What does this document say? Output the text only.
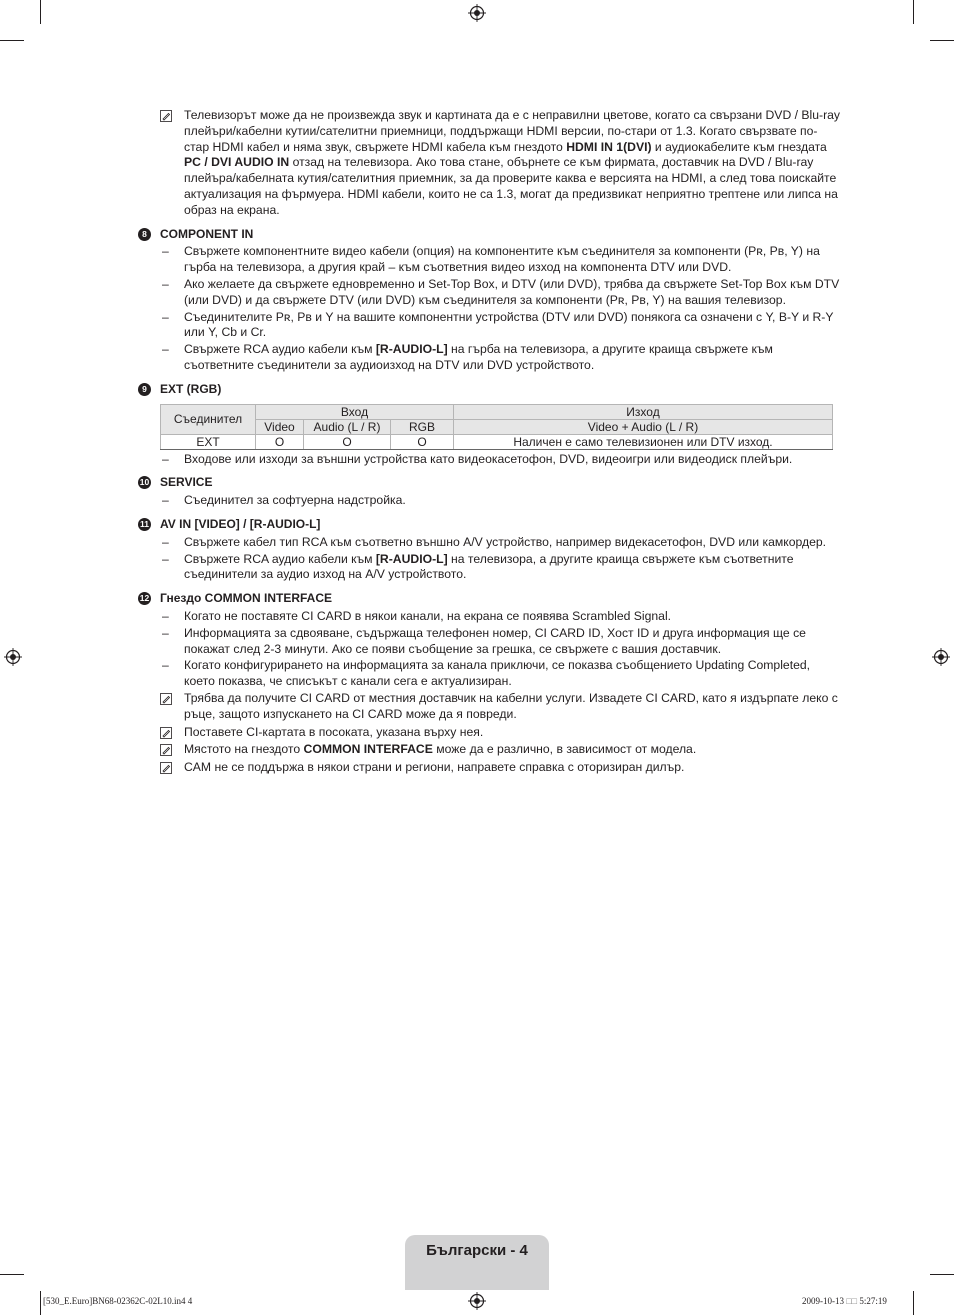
Телевизорът може да не произвежда звук и картината да е с неправилни цветове, когато са свързани DVD / Blu-ray плейъри/кабелни кутии/сателитни приемници, поддържащи HDMI версии, по-стари от 1.3. Когато свързвате по-стар HDMI кабел и няма звук, свържете HDMI кабела към гнездото HDMI IN 1(DVI) и аудиокабелите към гнездата PC / DVI AUDIO IN отзад на телевизора. Ако това стане, обърнете се към фирмата, доставчик на DVD / Blu-ray плейъра/кабелната кутия/сателитния приемник, за да проверите каква е версията на HDMI, а след това поискайте актуализация на фърмуера. HDMI кабели, които не са 1.3, могат да предизвикат неприятно трептене или липса на образ на екрана.
8	COMPONENT IN
– Свържете компонентните видео кабели (опция) на компонентите към съединителя за компоненти (Pʀ, Pʙ, Y) на гърба на телевизора, а другия край – към съответния видео изход на компонента DTV или DVD.
– Ако желаете да свържете едновременно и Set-Top Box, и DTV (или DVD), трябва да свържете Set-Top Box към DTV (или DVD) и да свържете DTV (или DVD) към съединителя за компоненти (Pʀ, Pʙ, Y) на вашия телевизор.
– Съединителите Pʀ, Pʙ и Y на вашите компонентни устройства (DTV или DVD) понякога са означени с Y, B-Y и R-Y или Y, Cb и Cr.
– Свържете RCA аудио кабели към [R-AUDIO-L] на гърба на телевизора, а другите краища свържете към съответните съединители за аудиоизход на DTV или DVD устройството.
9	EXT (RGB)
Съединител	Вход			Изход
	Video	Audio (L / R)	RGB	Video + Audio (L / R)
EXT	O	O	O	Наличен е само телевизионен или DTV изход.
– Входове или изходи за външни устройства като видеокасетофон, DVD, видеоигри или видеодиск плейъри.
10 SERVICE
– Съединител за софтуерна надстройка.
11 AV IN [VIDEO] / [R-AUDIO-L]
– Свържете кабел тип RCA към съответно външно A/V устройство, например видекасетофон, DVD или камкордер.
– Свържете RCA аудио кабели към [R-AUDIO-L] на телевизора, а другите краища свържете към съответните съединители за аудио изход на A/V устройството.
12 Гнездо COMMON INTERFACE
– Когато не поставяте CI CARD в някои канали, на екрана се появява Scrambled Signal.
– Информацията за сдвояване, съдържаща телефонен номер, CI CARD ID, Хост ID и друга информация ще се покажат след 2-3 минути. Ако се появи съобщение за грешка, се свържете с вашия доставчик.
– Когато конфигурирането на информацията за канала приключи, се показва съобщението Updating Completed, което показва, че списъкът с канали сега е актуализиран.
Трябва да получите CI CARD от местния доставчик на кабелни услуги. Извадете CI CARD, като я издърпате леко с ръце, защото изпускането на CI CARD може да я повреди.
Поставете CI-картата в посоката, указана върху нея.
Мястото на гнездото COMMON INTERFACE може да е различно, в зависимост от модела.
CAM не се поддържа в някои страни и региони, направете справка с оторизиран дилър.
Български - 4
[530_E.Euro]BN68-02362C-02L10.in4 4	2009-10-13 □□ 5:27:19
